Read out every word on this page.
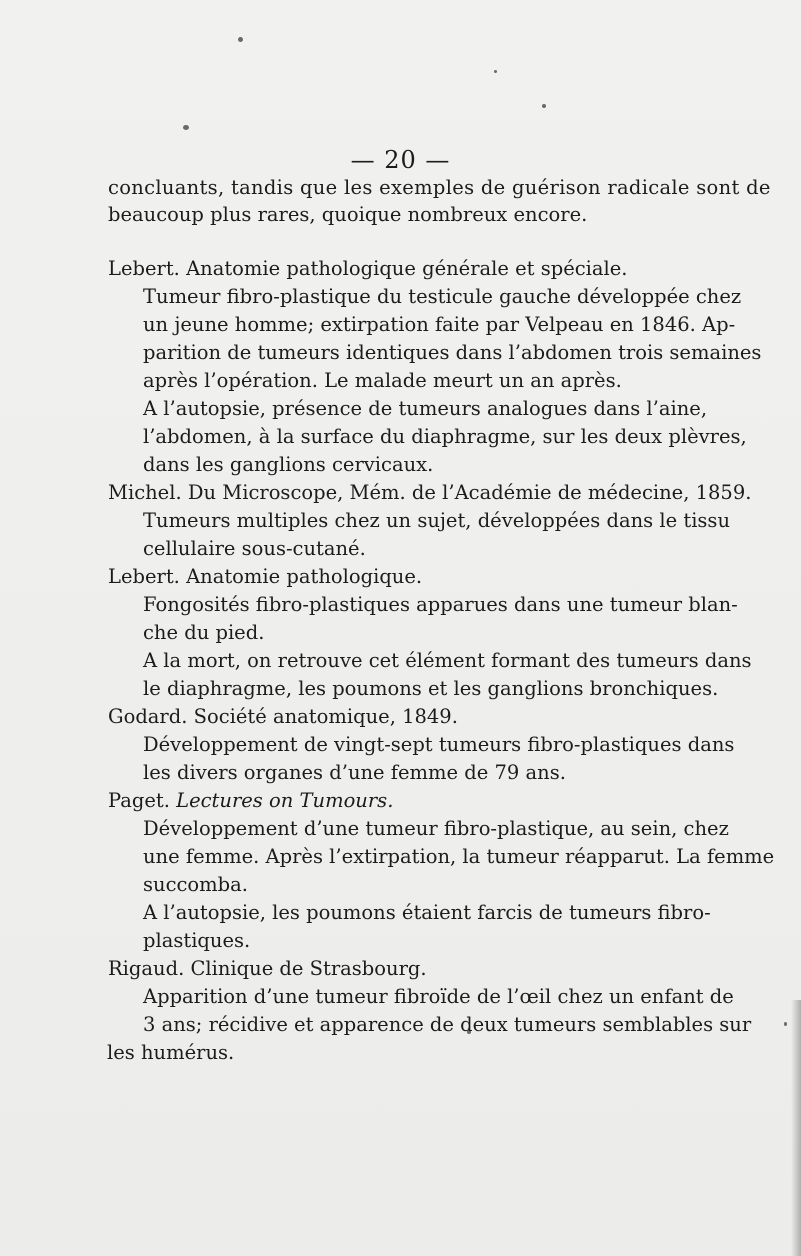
— 20 —
concluants, tandis que les exemples de guérison radicale sont de
beaucoup plus rares, quoique nombreux encore.
Lebert. Anatomie pathologique générale et spéciale.
Tumeur fibro-plastique du testicule gauche développée chez
un jeune homme; extirpation faite par Velpeau en 1846. Ap-
parition de tumeurs identiques dans l’abdomen trois semaines
après l’opération. Le malade meurt un an après.
A l’autopsie, présence de tumeurs analogues dans l’aine,
l’abdomen, à la surface du diaphragme, sur les deux plèvres,
dans les ganglions cervicaux.
Michel. Du Microscope, Mém. de l’Académie de médecine, 1859.
Tumeurs multiples chez un sujet, développées dans le tissu
cellulaire sous-cutané.
Lebert. Anatomie pathologique.
Fongosités fibro-plastiques apparues dans une tumeur blan-
che du pied.
A la mort, on retrouve cet élément formant des tumeurs dans
le diaphragme, les poumons et les ganglions bronchiques.
Godard. Société anatomique, 1849.
Développement de vingt-sept tumeurs fibro-plastiques dans
les divers organes d’une femme de 79 ans.
Paget. Lectures on Tumours.
Développement d’une tumeur fibro-plastique, au sein, chez
une femme. Après l’extirpation, la tumeur réapparut. La femme
succomba.
A l’autopsie, les poumons étaient farcis de tumeurs fibro-
plastiques.
Rigaud. Clinique de Strasbourg.
Apparition d’une tumeur fibroïde de l’œil chez un enfant de
3 ans; récidive et apparence de deux tumeurs semblables sur
les humérus.
